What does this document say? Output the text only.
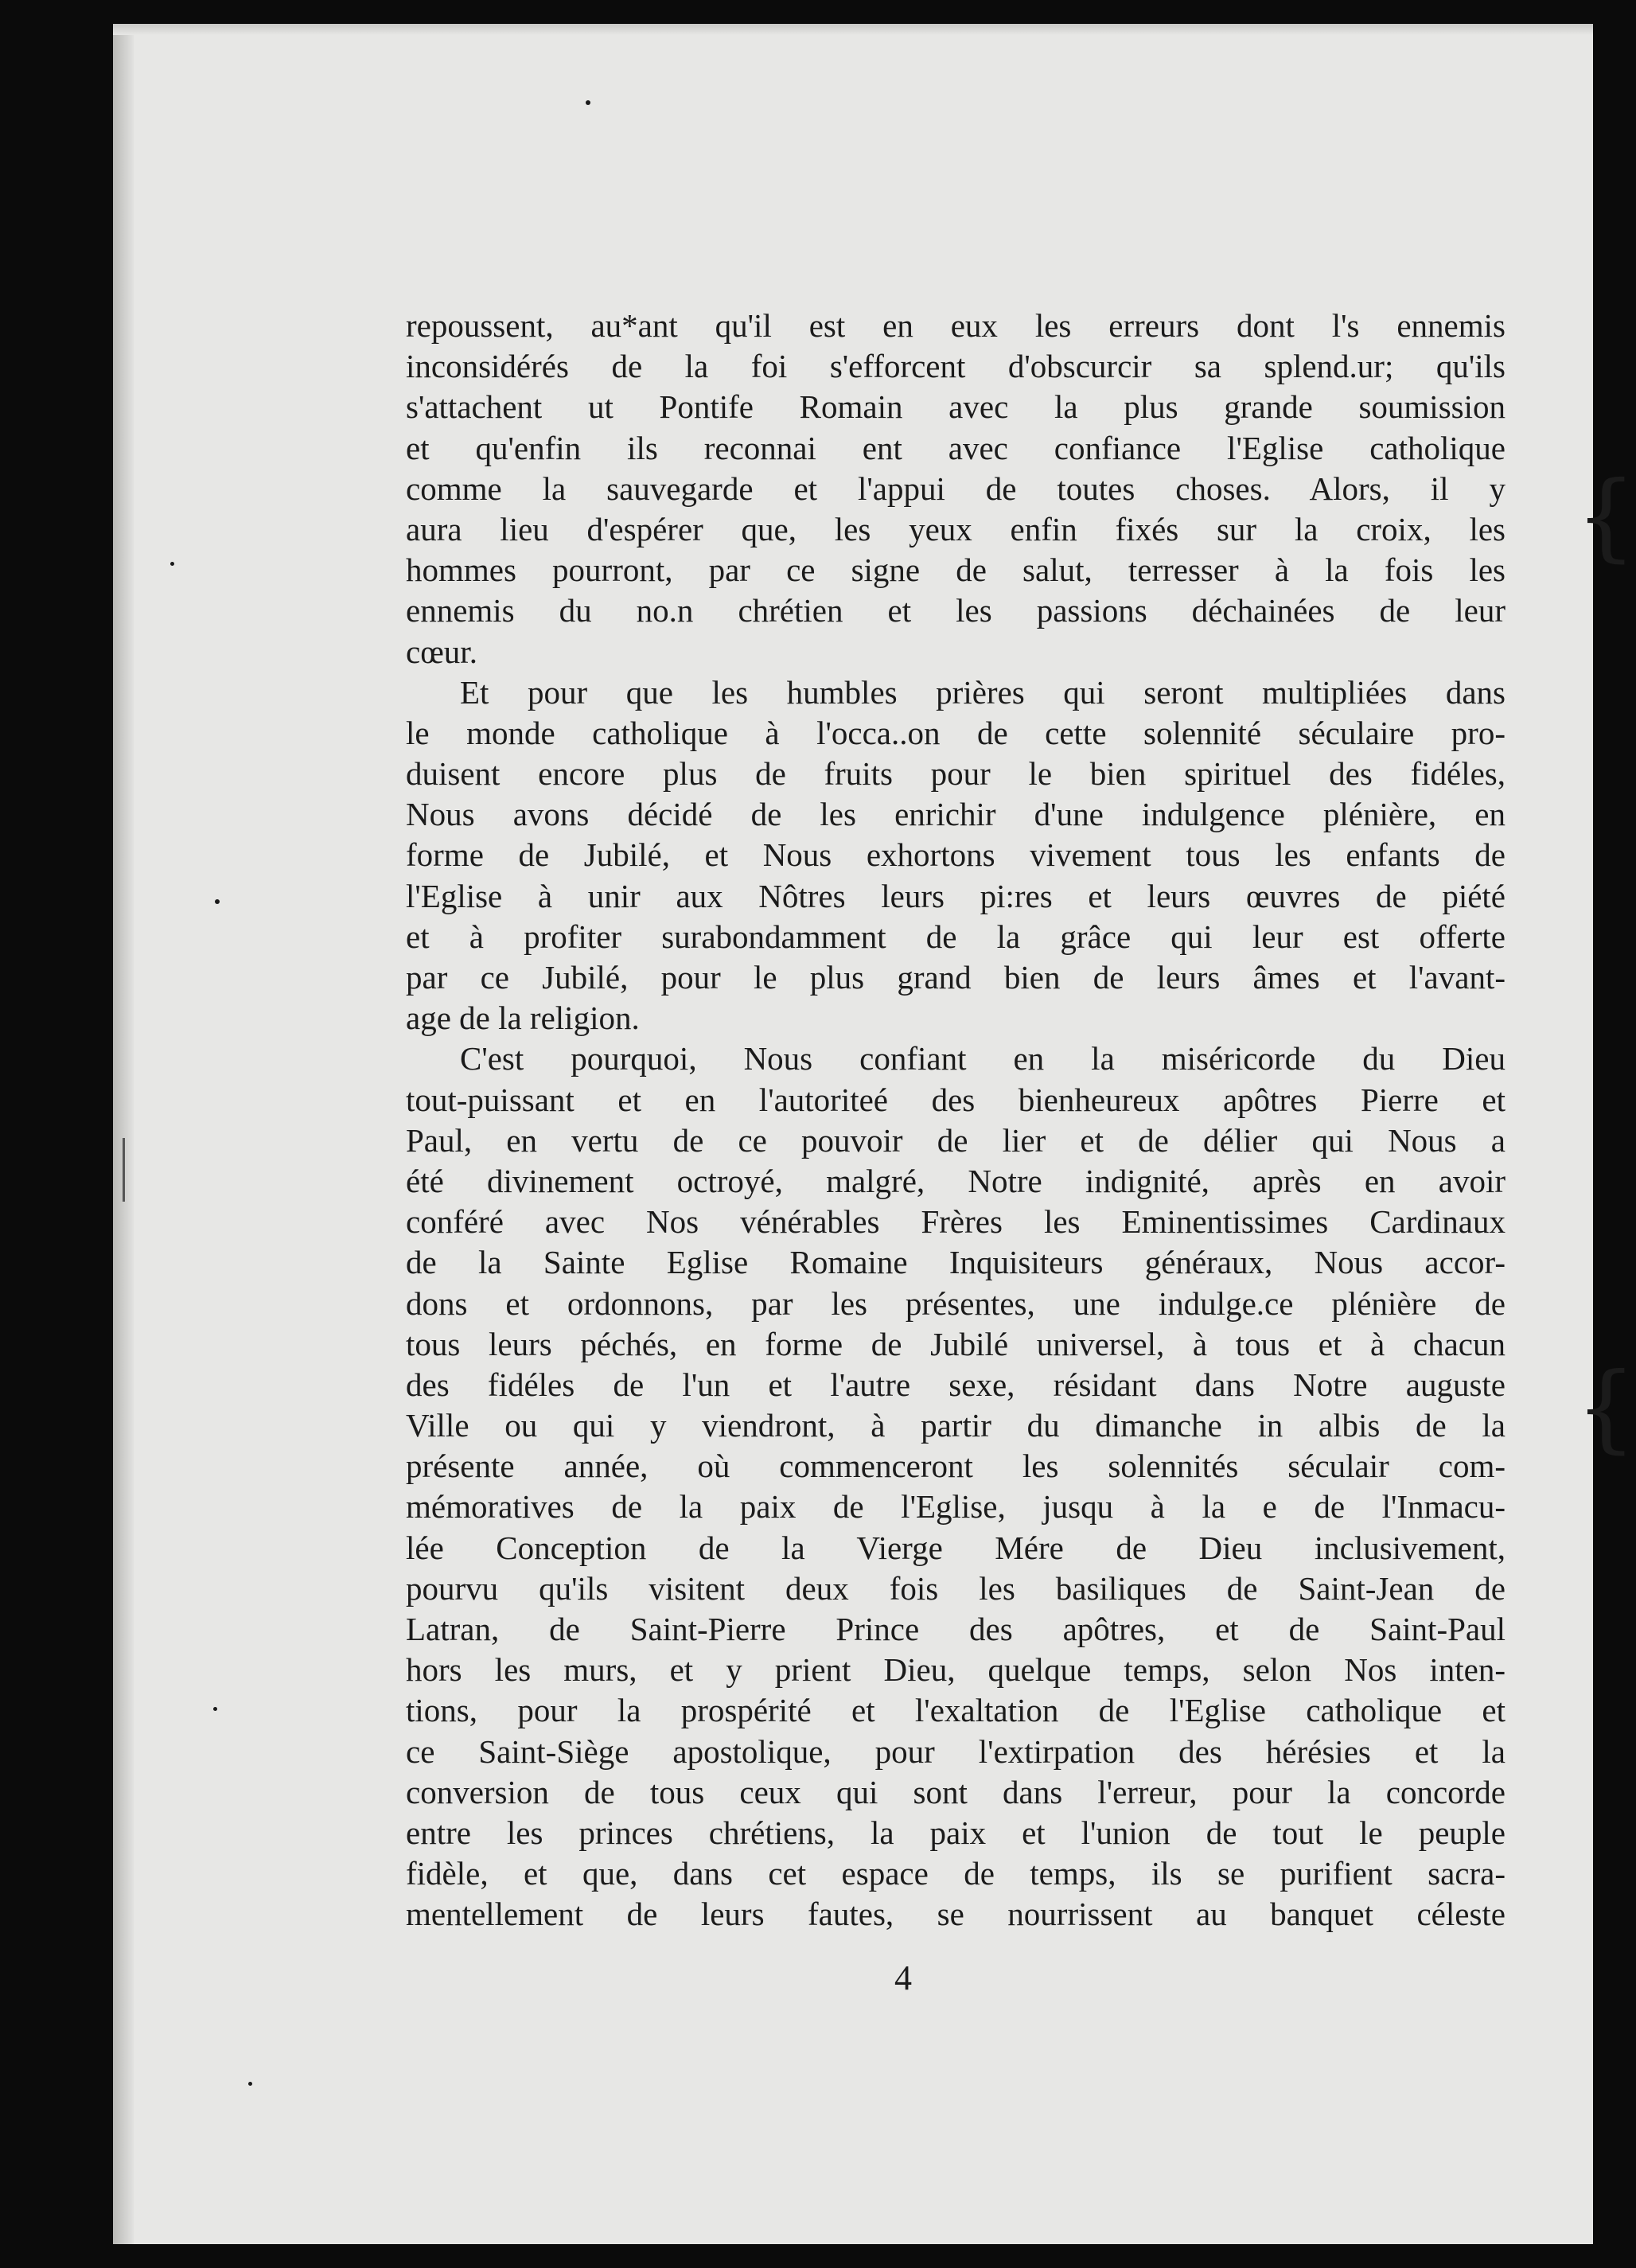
repoussent, au*ant qu'il est en eux les erreurs dont l's ennemis
inconsidérés de la foi s'efforcent d'obscurcir sa splend.ur; qu'ils
s'attachent ut Pontife Romain avec la plus grande soumission
et qu'enfin ils reconnai ent avec confiance l'Eglise catholique
comme la sauvegarde et l'appui de toutes choses. Alors, il y
aura lieu d'espérer que, les yeux enfin fixés sur la croix, les
hommes pourront, par ce signe de salut, terresser à la fois les
ennemis du no.n chrétien et les passions déchainées de leur
cœur.
Et pour que les humbles prières qui seront multipliées dans
le monde catholique à l'occa..on de cette solennité séculaire pro-
duisent encore plus de fruits pour le bien spirituel des fidéles,
Nous avons décidé de les enrichir d'une indulgence plénière, en
forme de Jubilé, et Nous exhortons vivement tous les enfants de
l'Eglise à unir aux Nôtres leurs pi:res et leurs œuvres de piété
et à profiter surabondamment de la grâce qui leur est offerte
par ce Jubilé, pour le plus grand bien de leurs âmes et l'avant-
age de la religion.
C'est pourquoi, Nous confiant en la miséricorde du Dieu
tout-puissant et en l'autoriteé des bienheureux apôtres Pierre et
Paul, en vertu de ce pouvoir de lier et de délier qui Nous a
été divinement octroyé, malgré, Notre indignité, après en avoir
conféré avec Nos vénérables Frères les Eminentissimes Cardinaux
de la Sainte Eglise Romaine Inquisiteurs généraux, Nous accor-
dons et ordonnons, par les présentes, une indulge.ce plénière de
tous leurs péchés, en forme de Jubilé universel, à tous et à chacun
des fidéles de l'un et l'autre sexe, résidant dans Notre auguste
Ville ou qui y viendront, à partir du dimanche in albis de la
présente année, où commenceront les solennités séculair com-
mémoratives de la paix de l'Eglise, jusqu à la e de l'Inmacu-
lée Conception de la Vierge Mére de Dieu inclusivement,
pourvu qu'ils visitent deux fois les basiliques de Saint-Jean de
Latran, de Saint-Pierre Prince des apôtres, et de Saint-Paul
hors les murs, et y prient Dieu, quelque temps, selon Nos inten-
tions, pour la prospérité et l'exaltation de l'Eglise catholique et
ce Saint-Siège apostolique, pour l'extirpation des hérésies et la
conversion de tous ceux qui sont dans l'erreur, pour la concorde
entre les princes chrétiens, la paix et l'union de tout le peuple
fidèle, et que, dans cet espace de temps, ils se purifient sacra-
mentellement de leurs fautes, se nourrissent au banquet céleste
4
{
{
